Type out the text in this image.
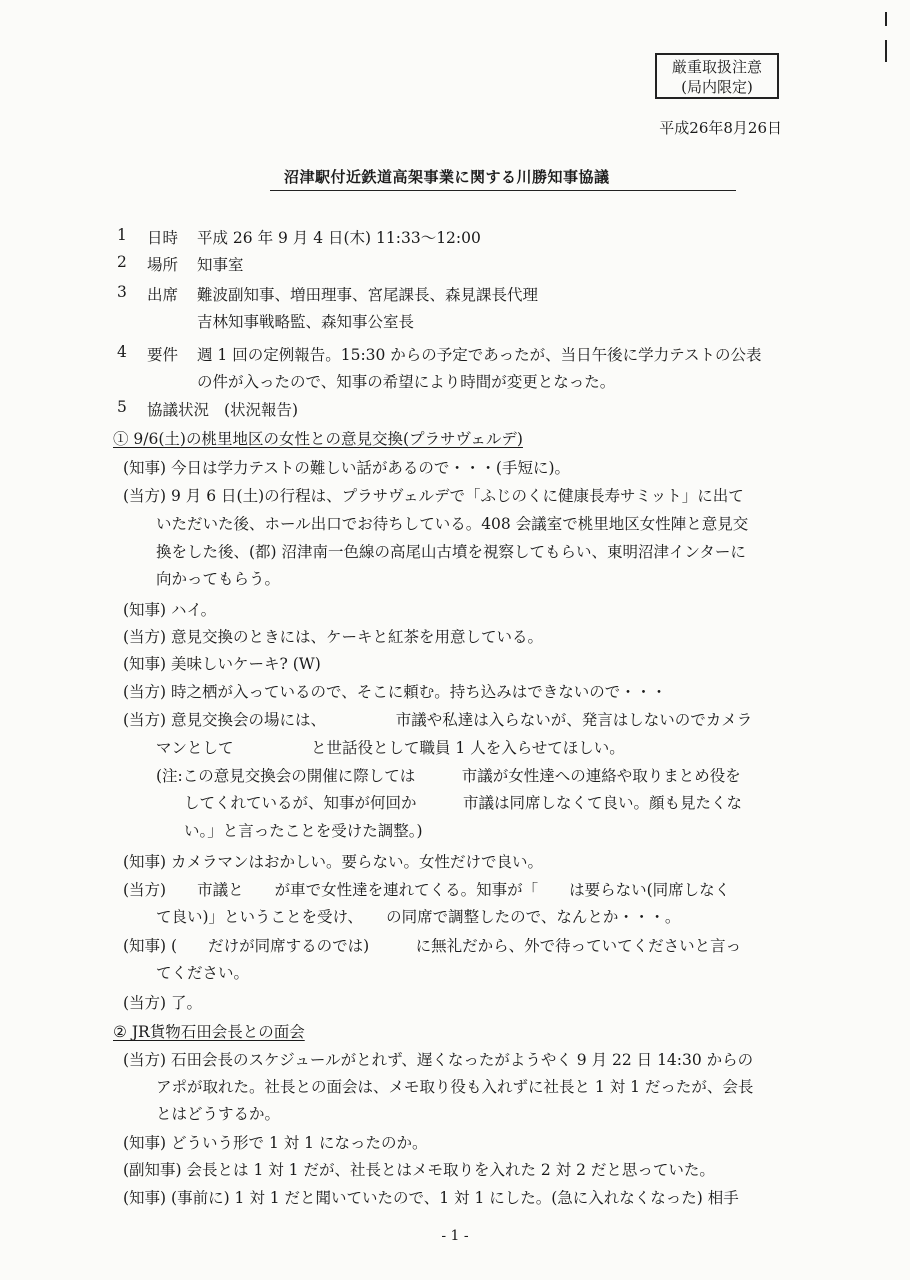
厳重取扱注意
(局内限定)
平成26年8月26日
沼津駅付近鉄道高架事業に関する川勝知事協議
1 日時 平成 26 年 9 月 4 日(木) 11:33～12:00
2 場所 知事室
3 出席 難波副知事、増田理事、宮尾課長、森見課長代理
吉林知事戦略監、森知事公室長
4 要件 週 1 回の定例報告。15:30 からの予定であったが、当日午後に学力テストの公表
の件が入ったので、知事の希望により時間が変更となった。
5 協議状況 (状況報告)
① 9/6(土)の桃里地区の女性との意見交換(プラサヴェルデ)
(知事) 今日は学力テストの難しい話があるので・・・(手短に)。
(当方) 9 月 6 日(土)の行程は、プラサヴェルデで「ふじのくに健康長寿サミット」に出て
いただいた後、ホール出口でお待ちしている。408 会議室で桃里地区女性陣と意見交
換をした後、(都) 沼津南一色線の高尾山古墳を視察してもらい、東明沼津インターに
向かってもらう。
(知事) ハイ。
(当方) 意見交換のときには、ケーキと紅茶を用意している。
(知事) 美味しいケーキ? (W)
(当方) 時之栖が入っているので、そこに頼む。持ち込みはできないので・・・
(当方) 意見交換会の場には、　　　　　市議や私達は入らないが、発言はしないのでカメラ
マンとして　　　　　と世話役として職員 1 人を入らせてほしい。
(注:この意見交換会の開催に際しては　　　市議が女性達への連絡や取りまとめ役を
してくれているが、知事が何回か　　　市議は同席しなくて良い。顔も見たくな
い。」と言ったことを受けた調整。)
(知事) カメラマンはおかしい。要らない。女性だけで良い。
(当方)　　市議と　　が車で女性達を連れてくる。知事が「　　は要らない(同席しなく
て良い)」ということを受け、　　の同席で調整したので、なんとか・・・。
(知事) (　　だけが同席するのでは)　　　に無礼だから、外で待っていてくださいと言っ
てください。
(当方) 了。
② JR貨物石田会長との面会
(当方) 石田会長のスケジュールがとれず、遅くなったがようやく 9 月 22 日 14:30 からの
アポが取れた。社長との面会は、メモ取り役も入れずに社長と 1 対 1 だったが、会長
とはどうするか。
(知事) どういう形で 1 対 1 になったのか。
(副知事) 会長とは 1 対 1 だが、社長とはメモ取りを入れた 2 対 2 だと思っていた。
(知事) (事前に) 1 対 1 だと聞いていたので、1 対 1 にした。(急に入れなくなった) 相手
- 1 -
